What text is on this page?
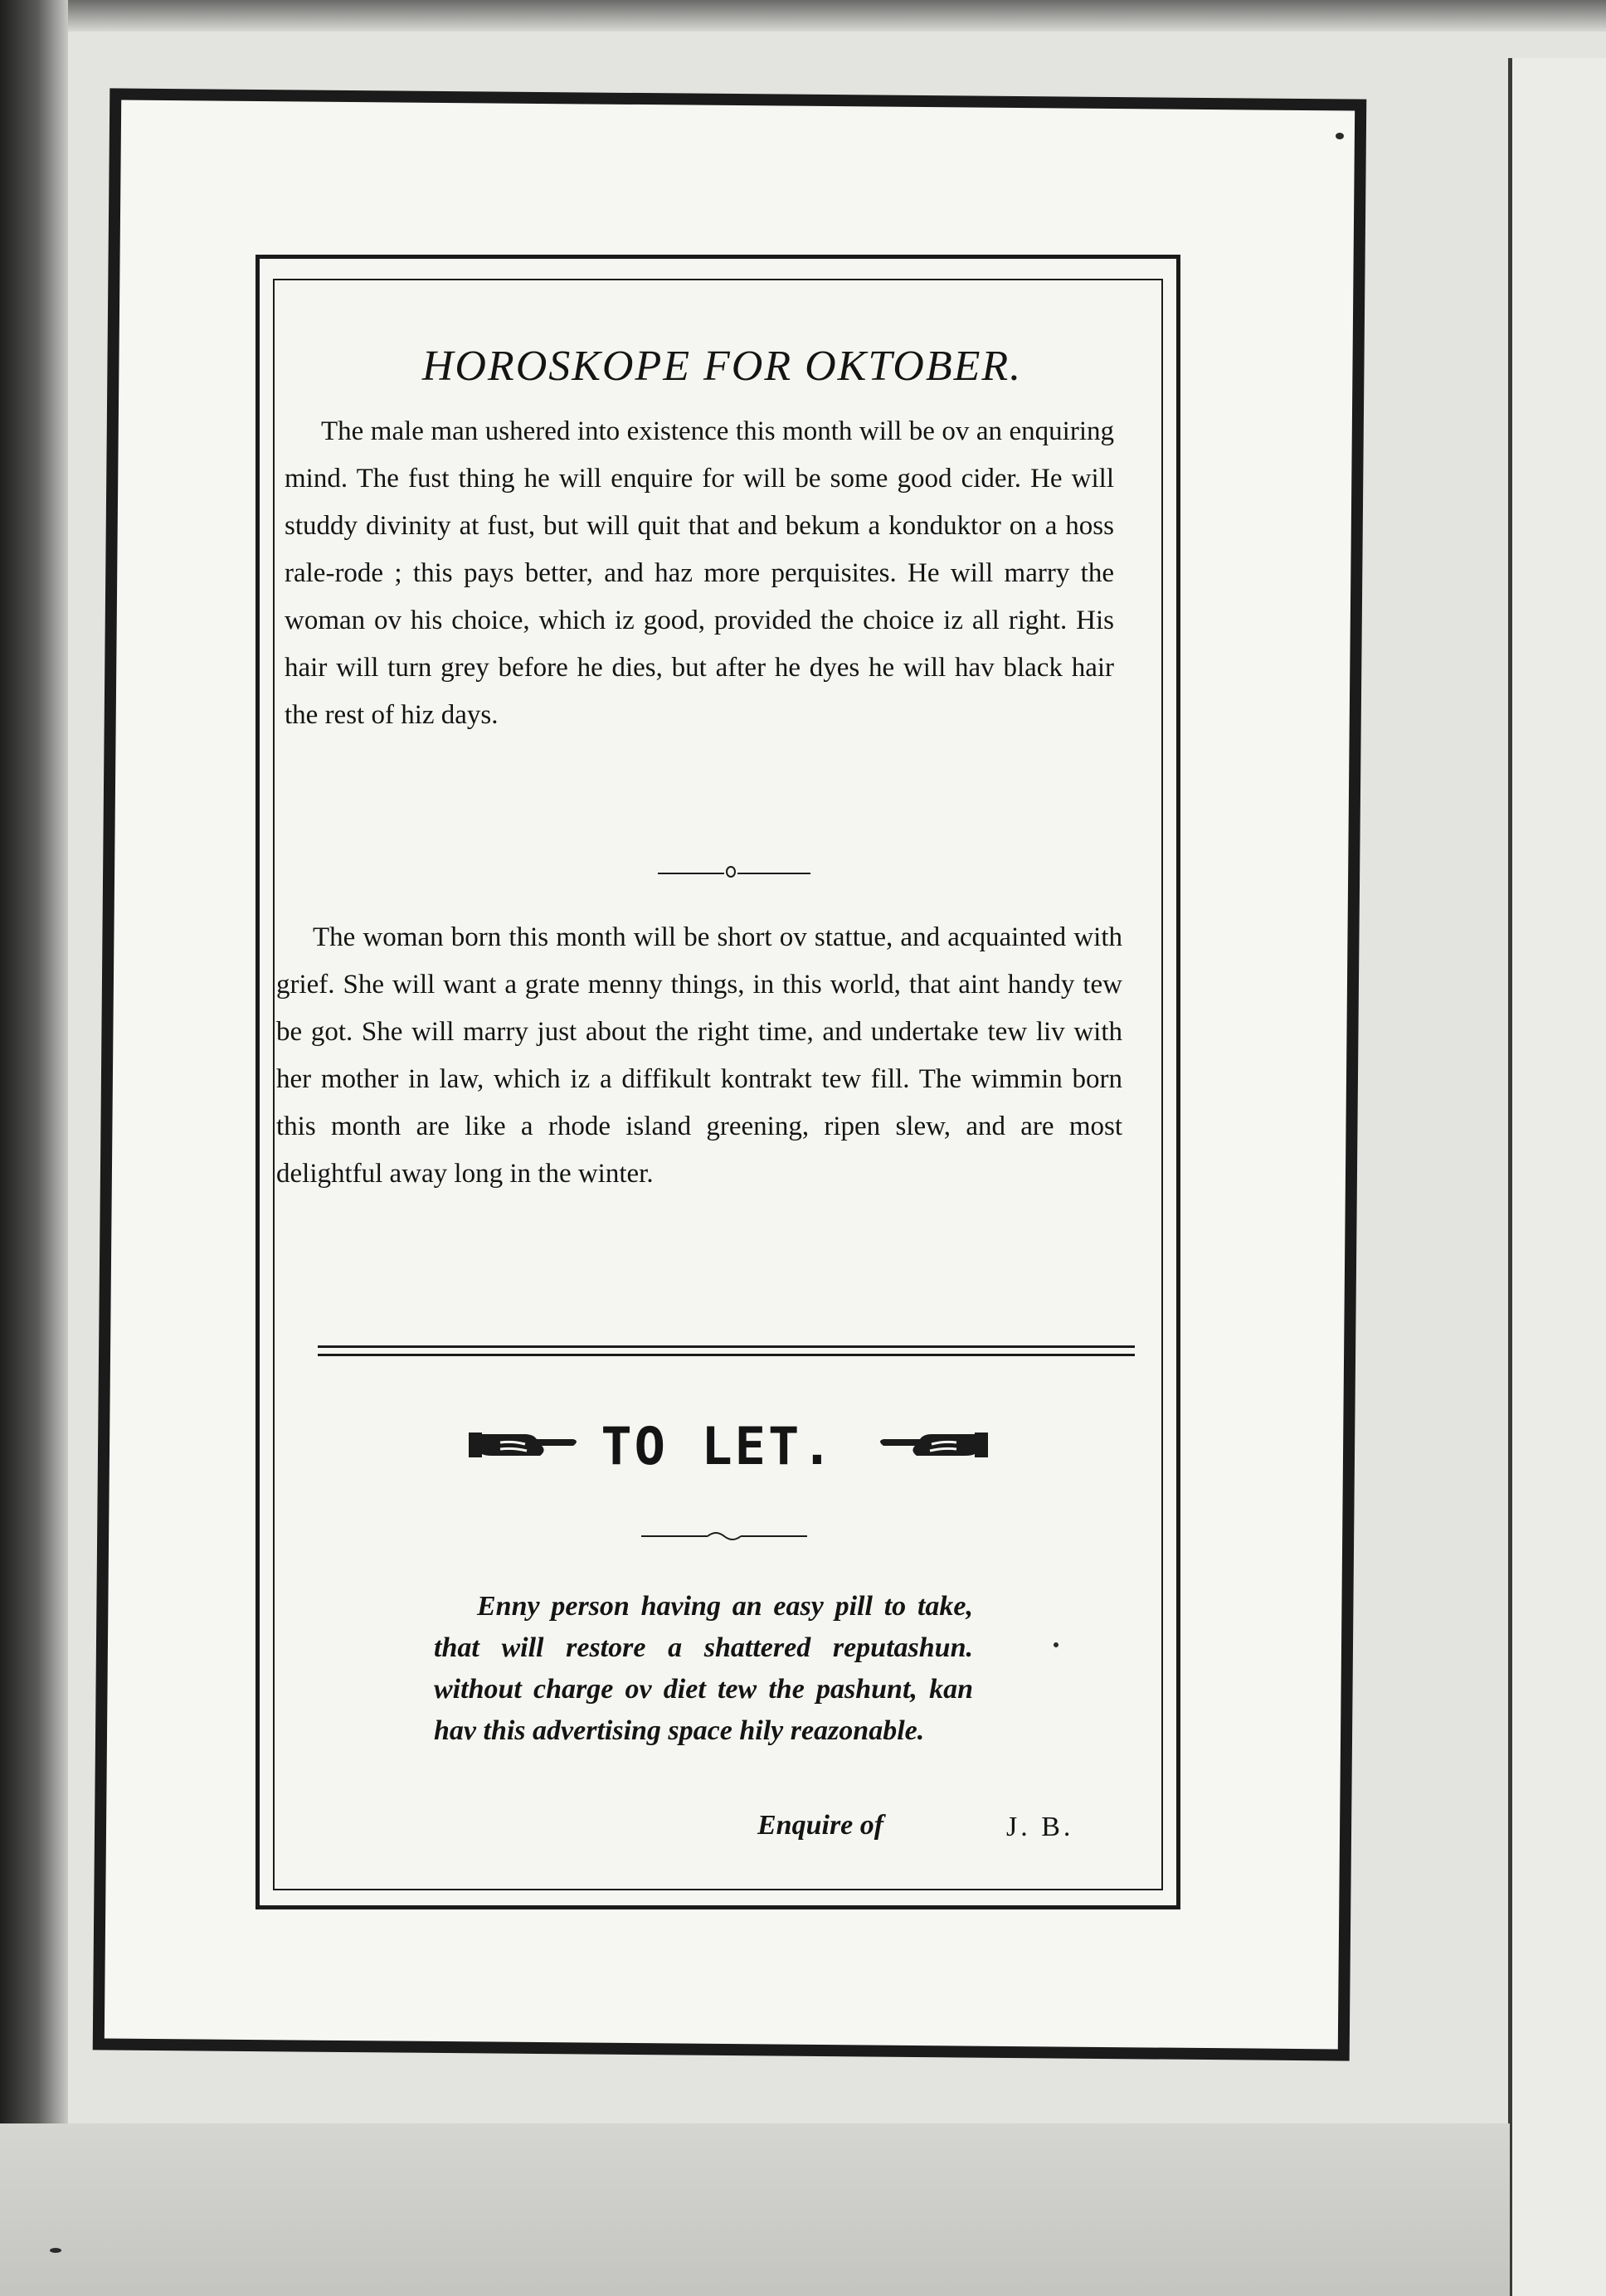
HOROSKOPE FOR OKTOBER.

The male man ushered into existence this month will be ov an enquiring mind. The fust thing he will enquire for will be some good cider. He will studdy divinity at fust, but will quit that and bekum a konduktor on a hoss rale-rode ; this pays better, and haz more perquisites. He will marry the woman ov his choice, which iz good, provided the choice iz all right. His hair will turn grey before he dies, but after he dyes he will hav black hair the rest of hiz days.

The woman born this month will be short ov stattue, and acquainted with grief. She will want a grate menny things, in this world, that aint handy tew be got. She will marry just about the right time, and undertake tew liv with her mother in law, which iz a diffikult kontrakt tew fill. The wimmin born this month are like a rhode island greening, ripen slew, and are most delightful away long in the winter.

TO LET.

Enny person having an easy pill to take, that will restore a shattered reputashun. without charge ov diet tew the pashunt, kan hav this advertising space hily reazonable.

Enquire of	J. B.
